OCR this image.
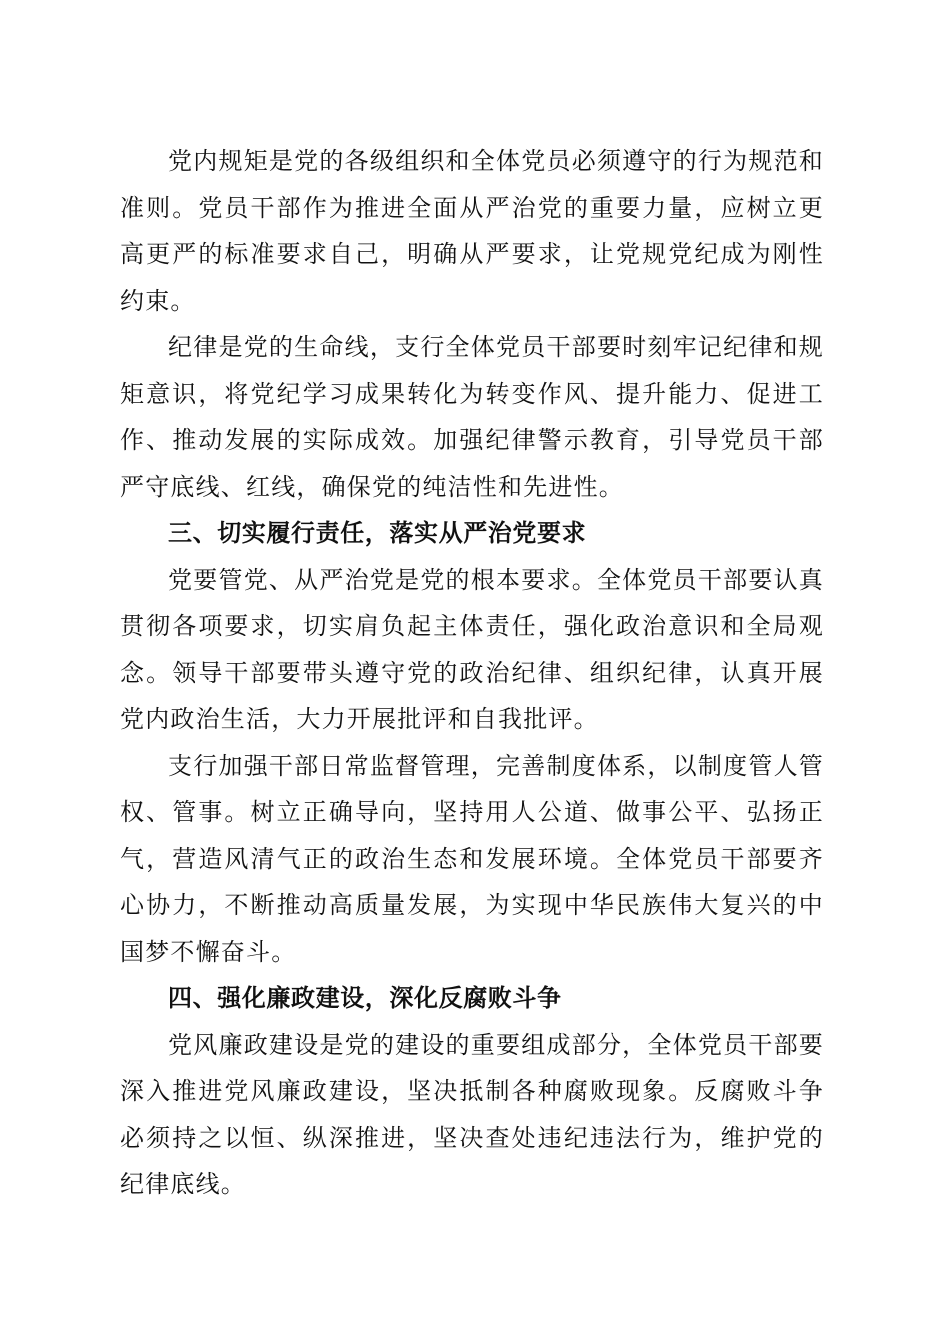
党内规矩是党的各级组织和全体党员必须遵守的行为规范和准则。党员干部作为推进全面从严治党的重要力量，应树立更高更严的标准要求自己，明确从严要求，让党规党纪成为刚性约束。

纪律是党的生命线，支行全体党员干部要时刻牢记纪律和规矩意识，将党纪学习成果转化为转变作风、提升能力、促进工作、推动发展的实际成效。加强纪律警示教育，引导党员干部严守底线、红线，确保党的纯洁性和先进性。

三、切实履行责任，落实从严治党要求

党要管党、从严治党是党的根本要求。全体党员干部要认真贯彻各项要求，切实肩负起主体责任，强化政治意识和全局观念。领导干部要带头遵守党的政治纪律、组织纪律，认真开展党内政治生活，大力开展批评和自我批评。

支行加强干部日常监督管理，完善制度体系，以制度管人管权、管事。树立正确导向，坚持用人公道、做事公平、弘扬正气，营造风清气正的政治生态和发展环境。全体党员干部要齐心协力，不断推动高质量发展，为实现中华民族伟大复兴的中国梦不懈奋斗。

四、强化廉政建设，深化反腐败斗争

党风廉政建设是党的建设的重要组成部分，全体党员干部要深入推进党风廉政建设，坚决抵制各种腐败现象。反腐败斗争必须持之以恒、纵深推进，坚决查处违纪违法行为，维护党的纪律底线。
